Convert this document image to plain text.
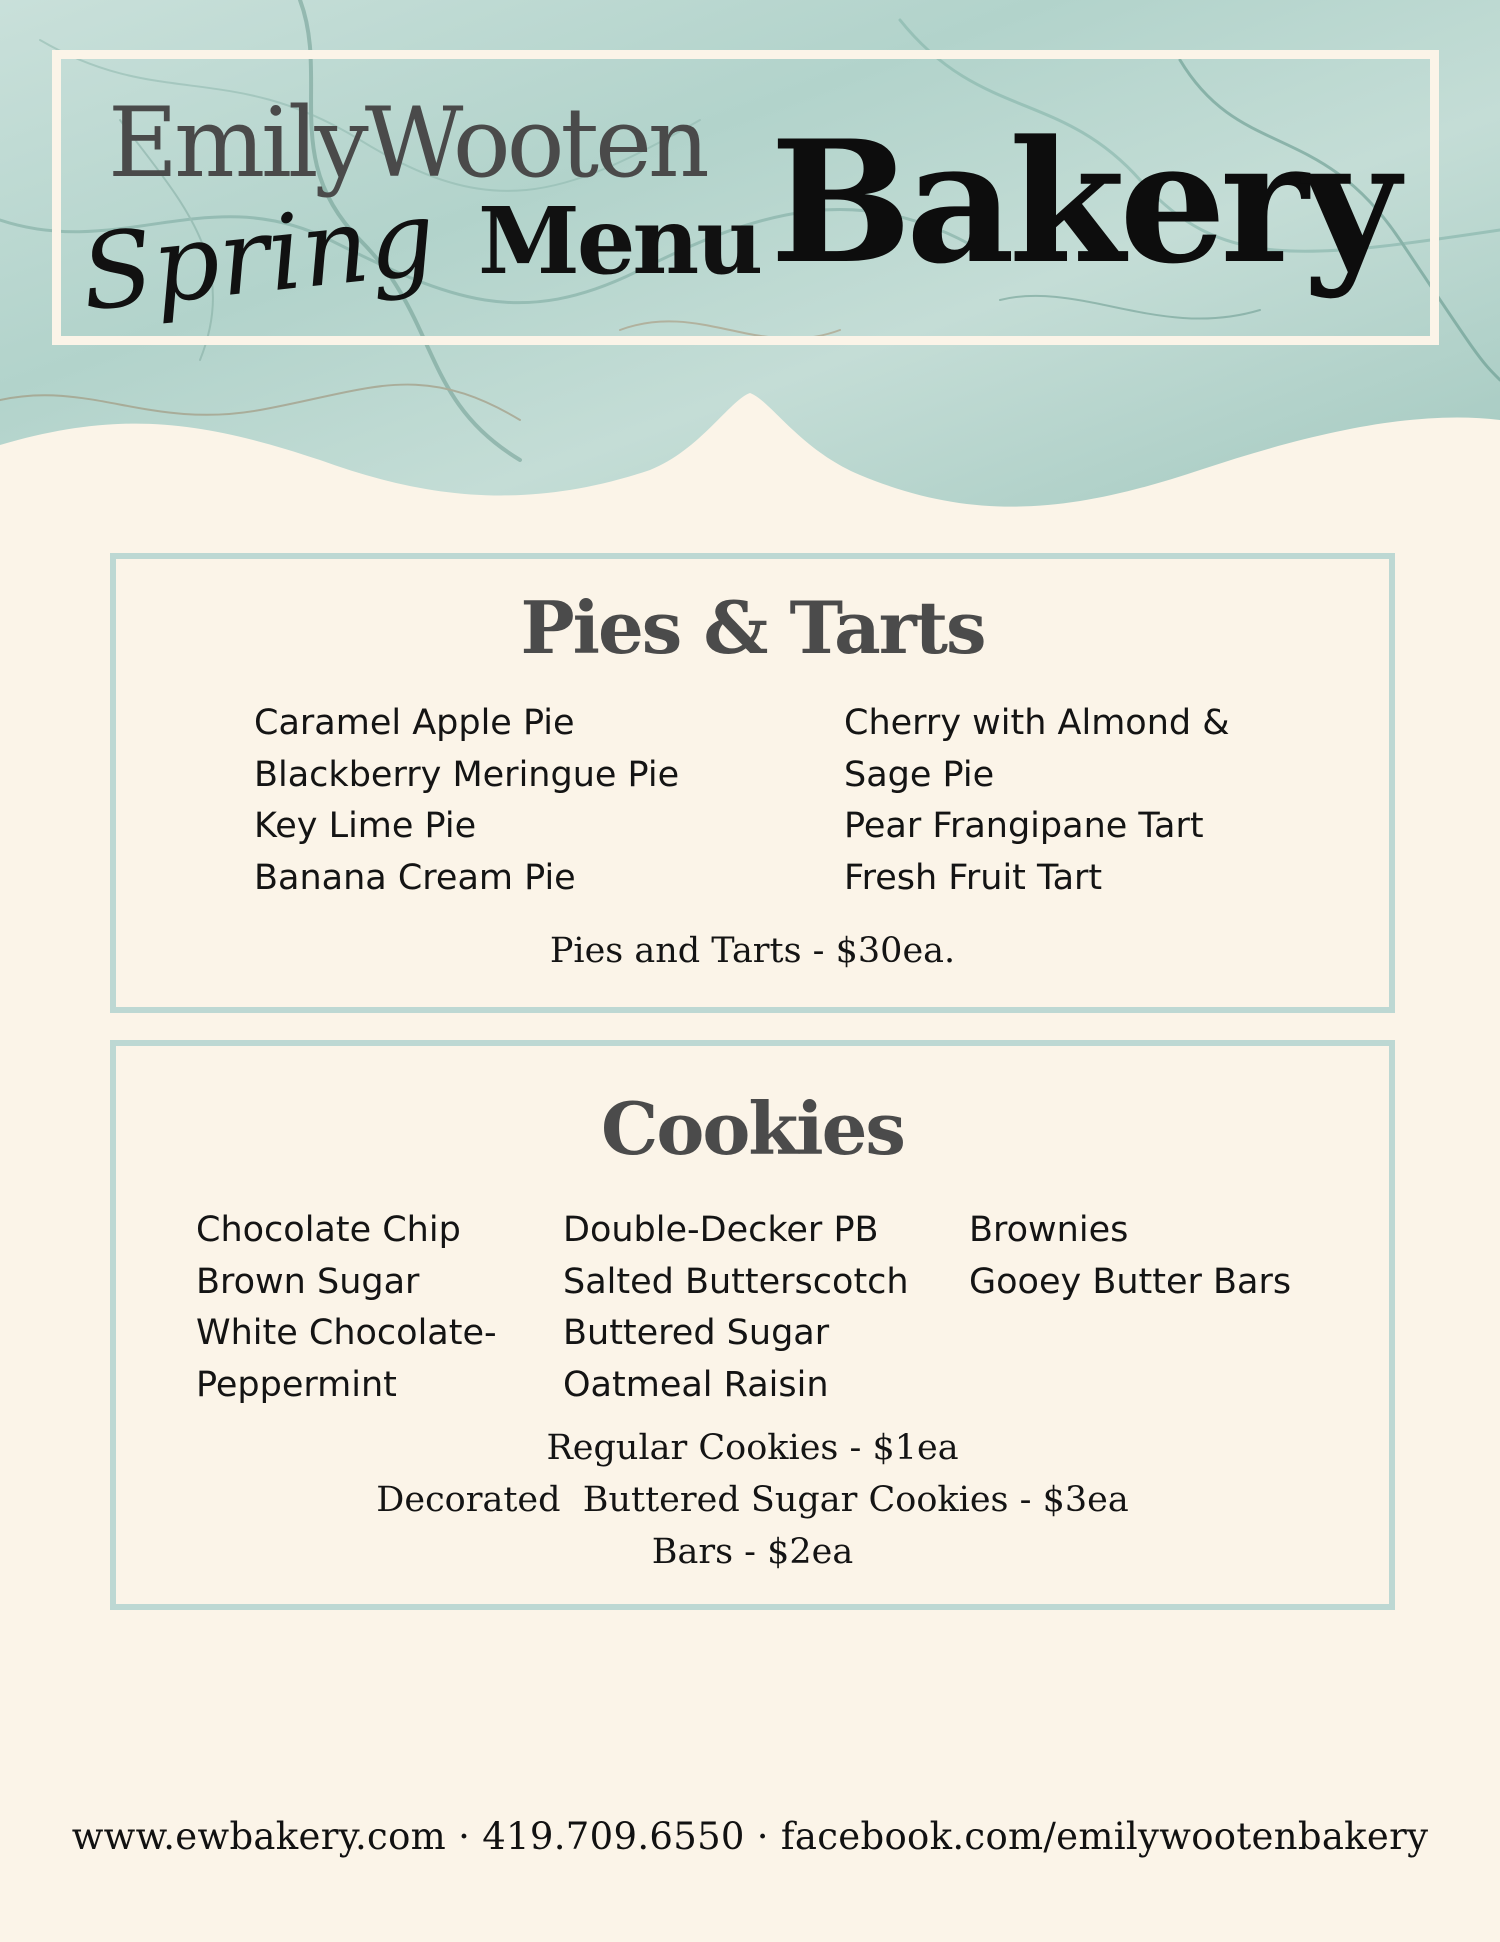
EmilyWooten
Menu Bakery
Spring
Pies & Tarts
Caramel Apple Pie
Blackberry Meringue Pie
Key Lime Pie
Banana Cream Pie
Cherry with Almond &
Sage Pie
Pear Frangipane Tart
Fresh Fruit Tart
Pies and Tarts - $30ea.
Cookies
Chocolate Chip
Brown Sugar
White Chocolate-
Peppermint
Double-Decker PB
Salted Butterscotch
Buttered Sugar
Oatmeal Raisin
Brownies
Gooey Butter Bars
Regular Cookies - $1ea
Decorated  Buttered Sugar Cookies - $3ea
Bars - $2ea
www.ewbakery.com · 419.709.6550 · facebook.com/emilywootenbakery
